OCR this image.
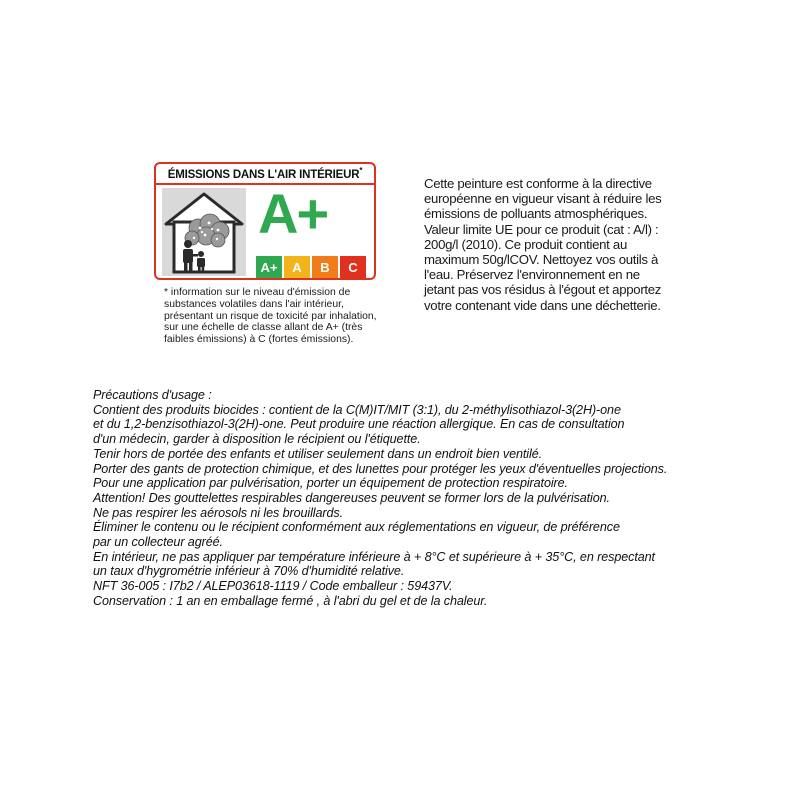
ÉMISSIONS DANS L'AIR INTÉRIEUR*
A+
A+	A	B	C

* information sur le niveau d'émission de substances volatiles dans l'air intérieur, présentant un risque de toxicité par inhalation, sur une échelle de classe allant de A+ (très faibles émissions) à C (fortes émissions).

Cette peinture est conforme à la directive européenne en vigueur visant à réduire les émissions de polluants atmosphériques. Valeur limite UE pour ce produit (cat : A/l) : 200g/l (2010). Ce produit contient au maximum 50g/lCOV. Nettoyez vos outils à l'eau. Préservez l'environnement en ne jetant pas vos résidus à l'égout et apportez votre contenant vide dans une déchetterie.

Précautions d'usage :
Contient des produits biocides : contient de la C(M)IT/MIT (3:1), du 2-méthylisothiazol-3(2H)-one
et du 1,2-benzisothiazol-3(2H)-one. Peut produire une réaction allergique. En cas de consultation
d'un médecin, garder à disposition le récipient ou l'étiquette.
Tenir hors de portée des enfants et utiliser seulement dans un endroit bien ventilé.
Porter des gants de protection chimique, et des lunettes pour protéger les yeux d'éventuelles projections.
Pour une application par pulvérisation, porter un équipement de protection respiratoire.
Attention! Des gouttelettes respirables dangereuses peuvent se former lors de la pulvérisation.
Ne pas respirer les aérosols ni les brouillards.
Éliminer le contenu ou le récipient conformément aux réglementations en vigueur, de préférence
par un collecteur agréé.
En intérieur, ne pas appliquer par température inférieure à + 8°C et supérieure à + 35°C, en respectant
un taux d'hygrométrie inférieur à 70% d'humidité relative.
NFT 36-005 : I7b2 / ALEP03618-1119 / Code emballeur : 59437V.
Conservation : 1 an en emballage fermé , à l'abri du gel et de la chaleur.
